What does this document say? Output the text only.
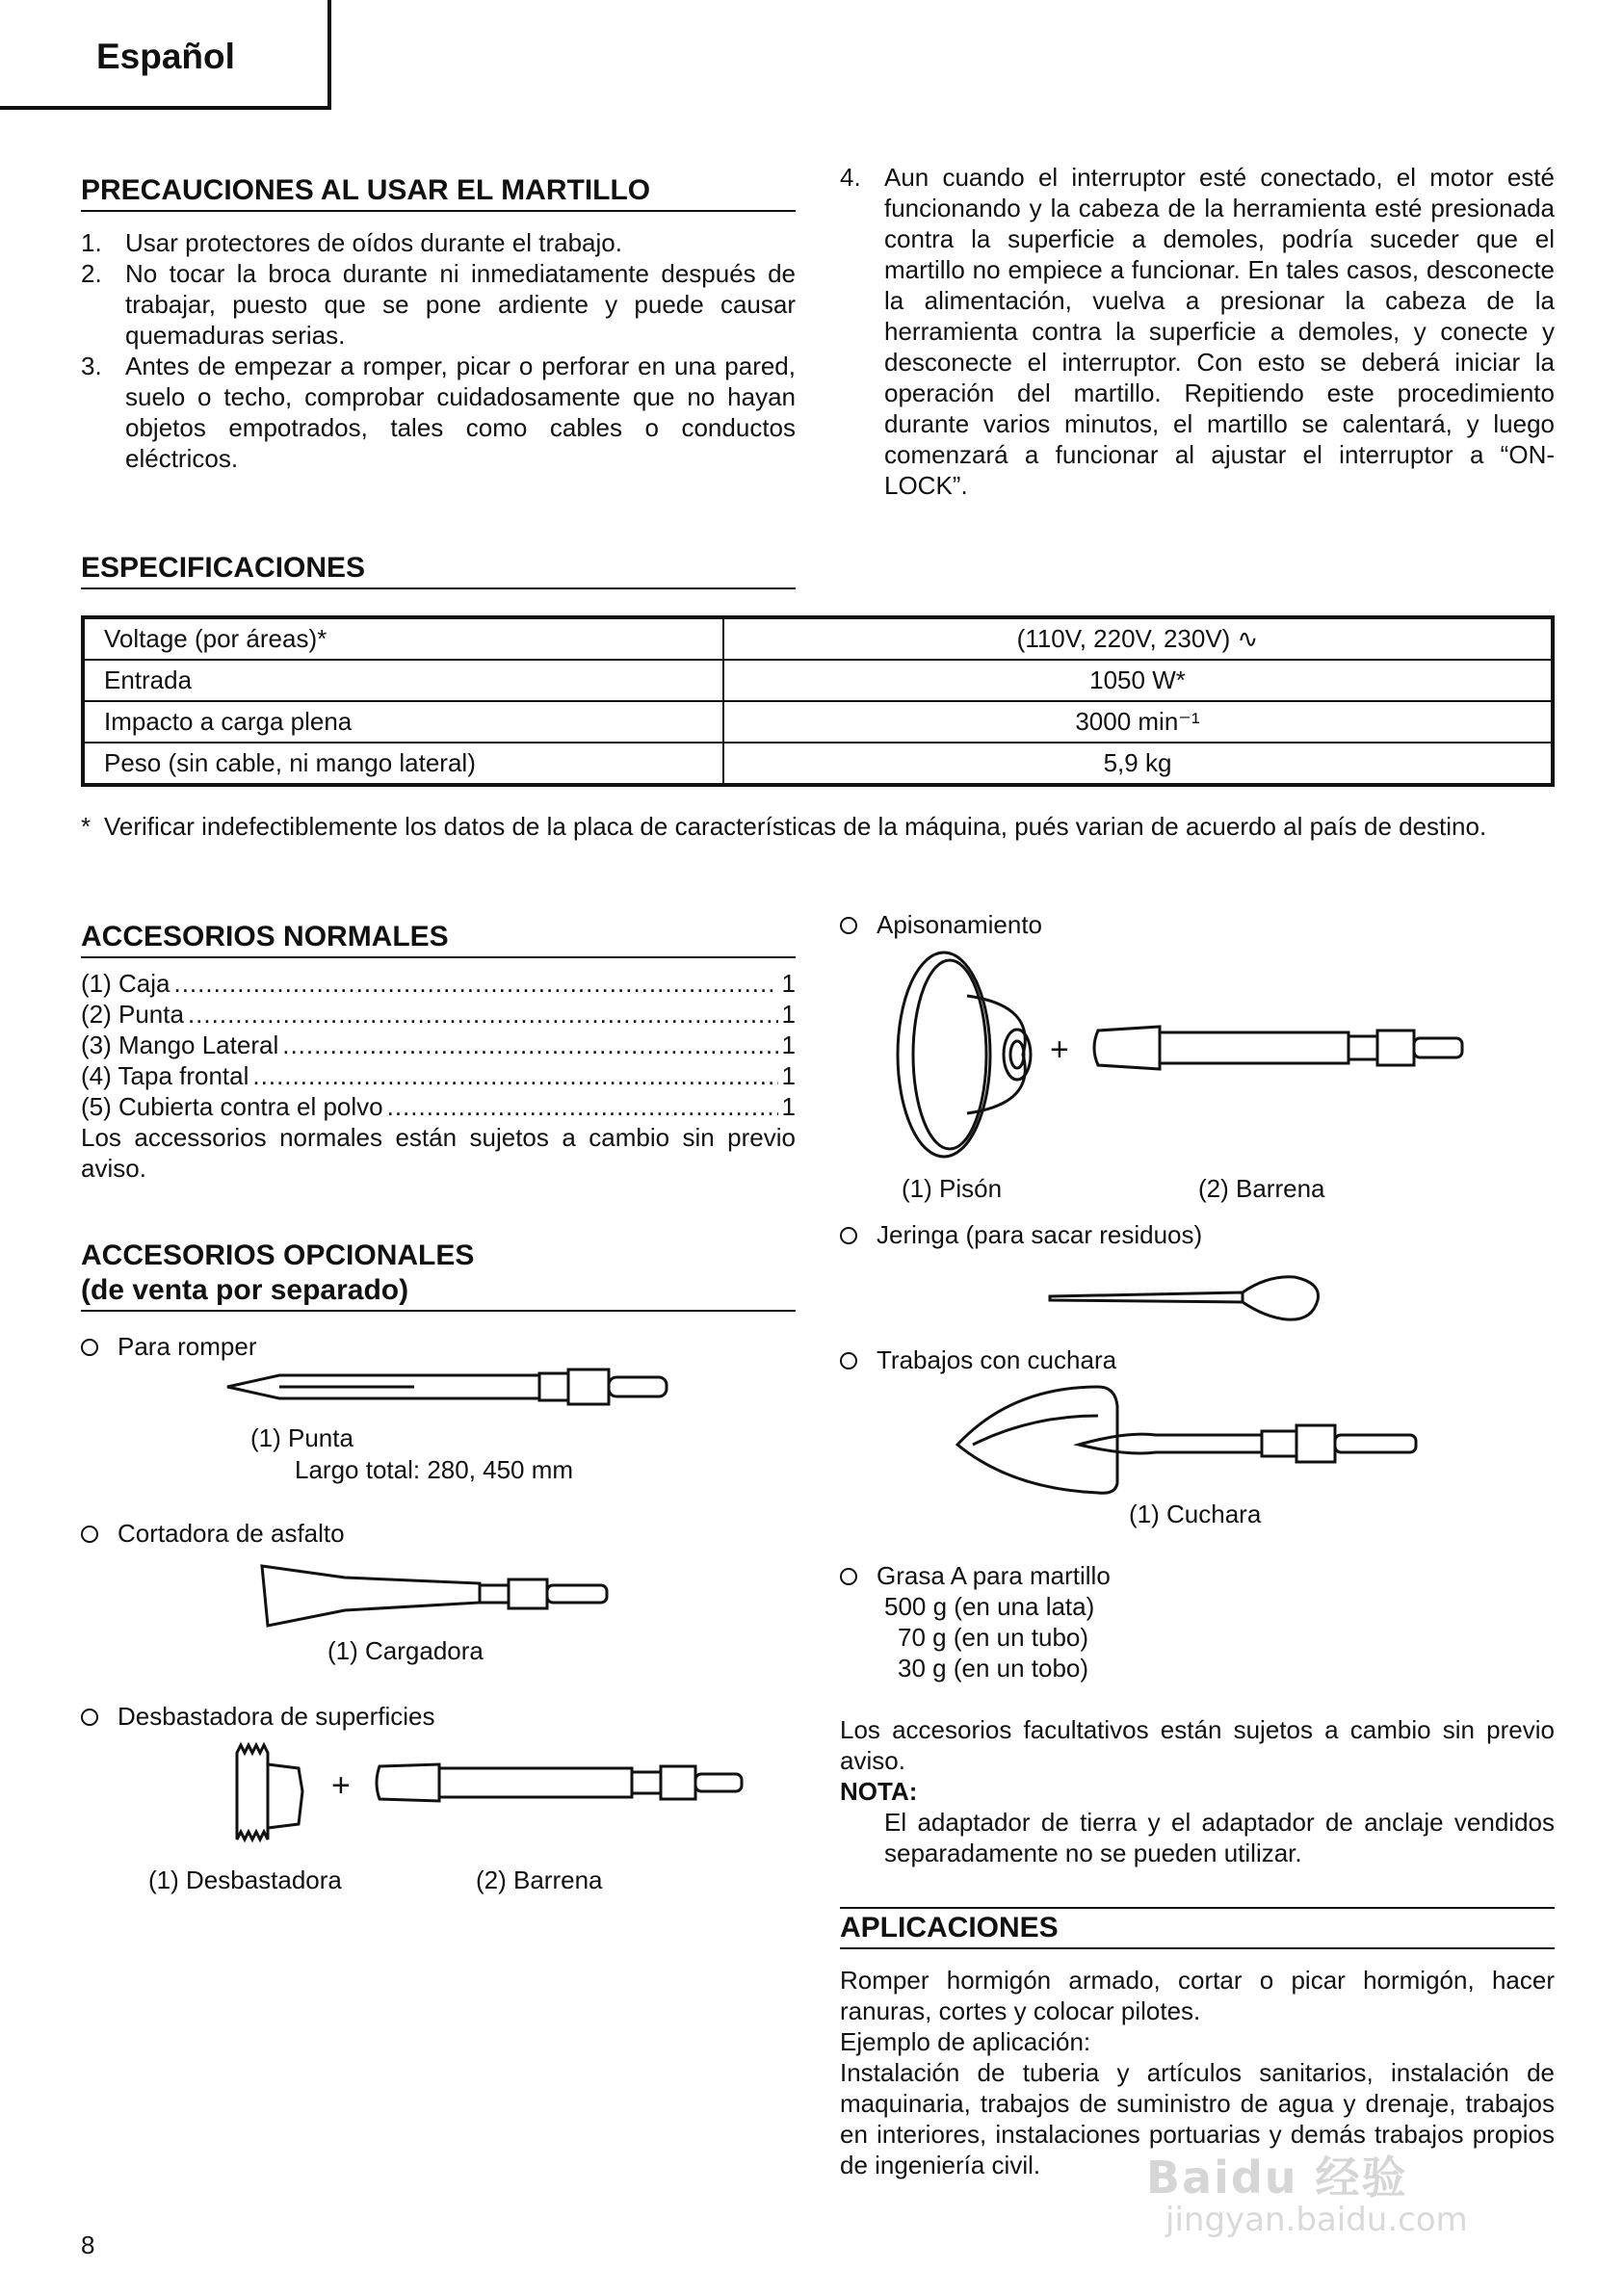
Español
PRECAUCIONES AL USAR EL MARTILLO
1. Usar protectores de oídos durante el trabajo.
2. No tocar la broca durante ni inmediatamente después de trabajar, puesto que se pone ardiente y puede causar quemaduras serias.
3. Antes de empezar a romper, picar o perforar en una pared, suelo o techo, comprobar cuidadosamente que no hayan objetos empotrados, tales como cables o conductos eléctricos.
4. Aun cuando el interruptor esté conectado, el motor esté funcionando y la cabeza de la herramienta esté presionada contra la superficie a demoles, podría suceder que el martillo no empiece a funcionar. En tales casos, desconecte la alimentación, vuelva a presionar la cabeza de la herramienta contra la superficie a demoles, y conecte y desconecte el interruptor. Con esto se deberá iniciar la operación del martillo. Repitiendo este procedimiento durante varios minutos, el martillo se calentará, y luego comenzará a funcionar al ajustar el interruptor a “ON-LOCK”.
ESPECIFICACIONES
Voltage (por áreas)*	(110V, 220V, 230V) ∿
Entrada	1050 W*
Impacto a carga plena	3000 min⁻¹
Peso (sin cable, ni mango lateral)	5,9 kg
* Verificar indefectiblemente los datos de la placa de características de la máquina, pués varian de acuerdo al país de destino.
ACCESORIOS NORMALES
(1) Caja .....	1
(2) Punta .....	1
(3) Mango Lateral .....	1
(4) Tapa frontal .....	1
(5) Cubierta contra el polvo .....	1
Los accessorios normales están sujetos a cambio sin previo aviso.
ACCESORIOS OPCIONALES
(de venta por separado)
Para romper
(1) Punta
Largo total: 280, 450 mm
Cortadora de asfalto
(1) Cargadora
Desbastadora de superficies
+
(1) Desbastadora	(2) Barrena
Apisonamiento
+
(1) Pisón	(2) Barrena
Jeringa (para sacar residuos)
Trabajos con cuchara
(1) Cuchara
Grasa A para martillo
500 g (en una lata)
70 g (en un tubo)
30 g (en un tobo)
Los accesorios facultativos están sujetos a cambio sin previo aviso.
NOTA:
El adaptador de tierra y el adaptador de anclaje vendidos separadamente no se pueden utilizar.
APLICACIONES
Romper hormigón armado, cortar o picar hormigón, hacer ranuras, cortes y colocar pilotes.
Ejemplo de aplicación:
Instalación de tuberia y artículos sanitarios, instalación de maquinaria, trabajos de suministro de agua y drenaje, trabajos en interiores, instalaciones portuarias y demás trabajos propios de ingeniería civil.
8
Baidu 经验
jingyan.baidu.com
